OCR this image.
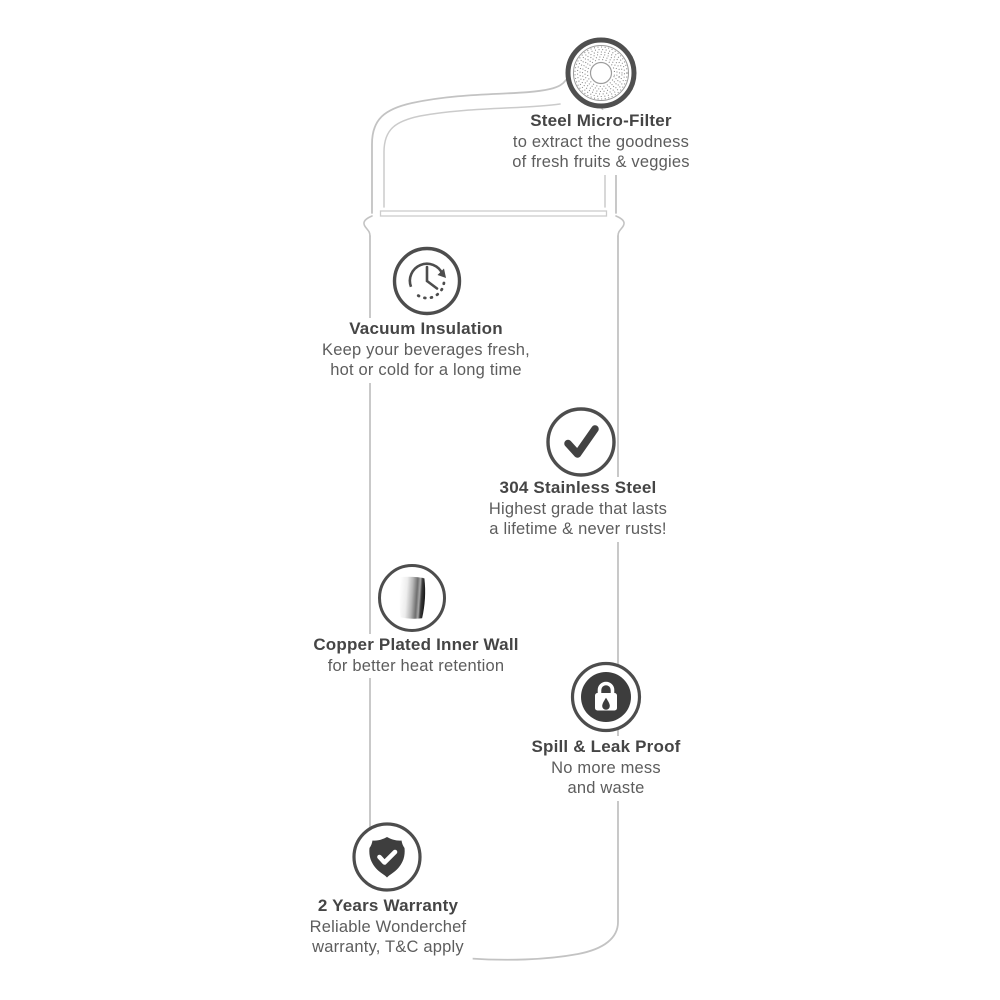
Steel Micro-Filter
to extract the goodness
of fresh fruits & veggies
Vacuum Insulation
Keep your beverages fresh,
hot or cold for a long time
304 Stainless Steel
Highest grade that lasts
a lifetime & never rusts!
Copper Plated Inner Wall
for better heat retention
Spill & Leak Proof
No more mess
and waste
2 Years Warranty
Reliable Wonderchef
warranty, T&C apply
